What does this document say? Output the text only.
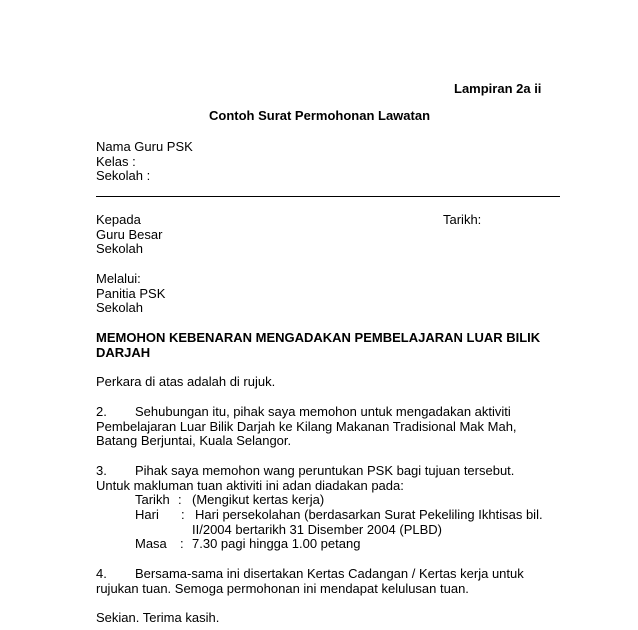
Lampiran 2a ii
Contoh Surat Permohonan Lawatan
Nama Guru PSK
Kelas :
Sekolah :
Kepada	Tarikh:
Guru Besar
Sekolah
Melalui:
Panitia PSK
Sekolah
MEMOHON KEBENARAN MENGADAKAN PEMBELAJARAN LUAR BILIK
DARJAH
Perkara di atas adalah di rujuk.
2. Sehubungan itu, pihak saya memohon untuk mengadakan aktiviti
Pembelajaran Luar Bilik Darjah ke Kilang Makanan Tradisional Mak Mah,
Batang Berjuntai, Kuala Selangor.
3. Pihak saya memohon wang peruntukan PSK bagi tujuan tersebut.
Untuk makluman tuan aktiviti ini adan diadakan pada:
Tarikh : (Mengikut kertas kerja)
Hari : Hari persekolahan (berdasarkan Surat Pekeliling Ikhtisas bil.
II/2004 bertarikh 31 Disember 2004 (PLBD)
Masa : 7.30 pagi hingga 1.00 petang
4. Bersama-sama ini disertakan Kertas Cadangan / Kertas kerja untuk
rujukan tuan. Semoga permohonan ini mendapat kelulusan tuan.
Sekian. Terima kasih.
